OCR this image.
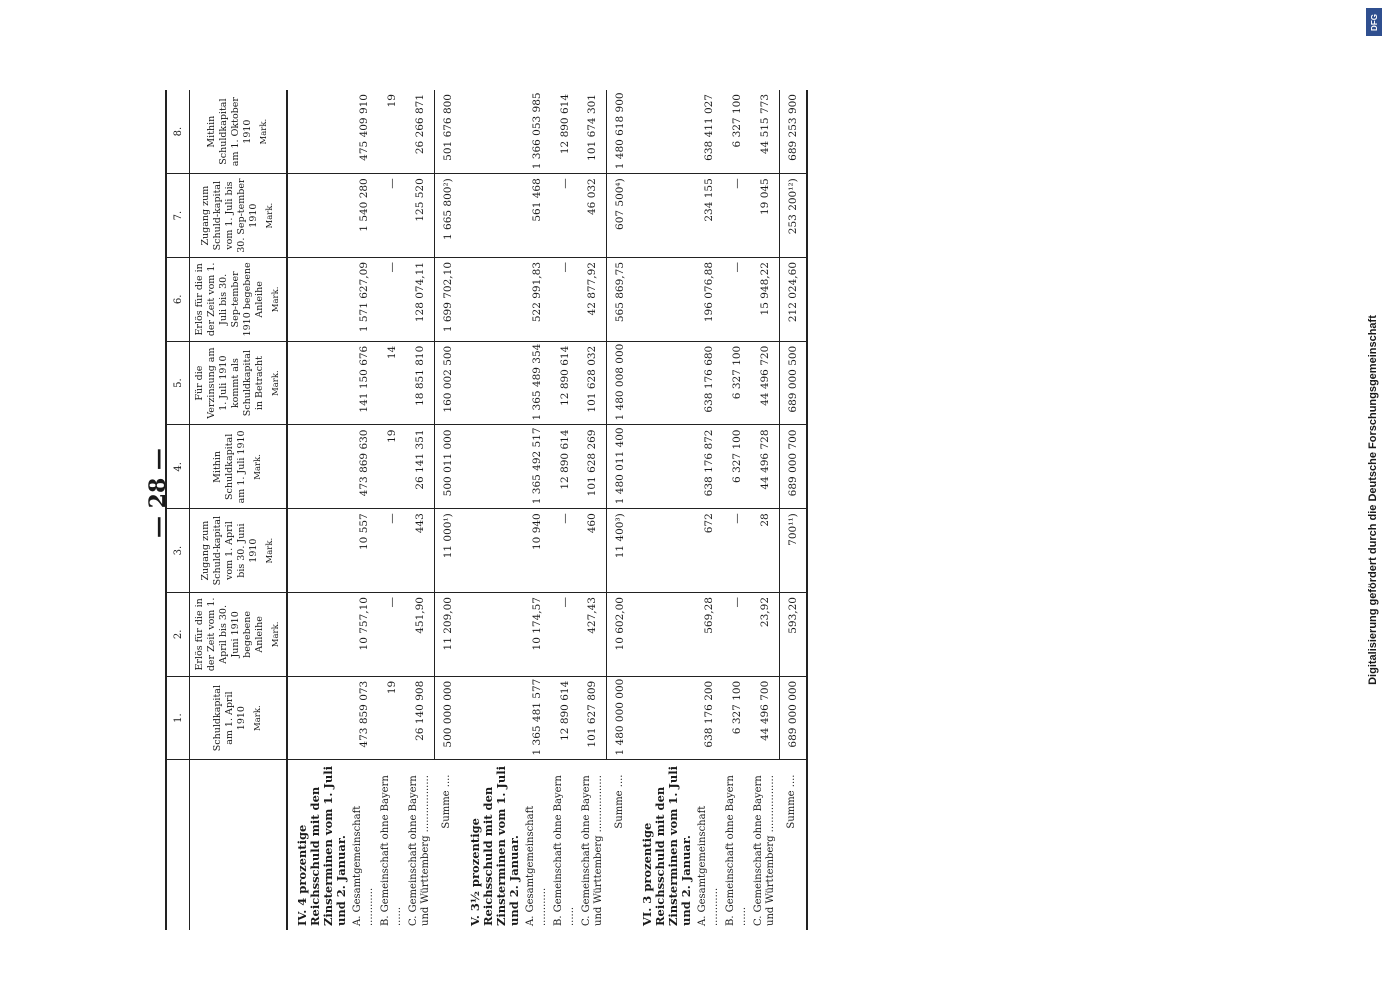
— 28 —
DFG
Digitalisierung gefördert durch die Deutsche Forschungsgemeinschaft
	1.	2.	3.	4.	5.	6.	7.	8.
	Schuldkapital am 1. April 1910 Mark.	Erlös für die in der Zeit vom 1. April bis 30. Juni 1910 begebene Anleihe Mark.	Zugang zum Schuld-kapital vom 1. April bis 30. Juni 1910 Mark.	Mithin Schuldkapital am 1. Juli 1910 Mark.	Für die Verzinsung am 1. Juli 1910 kommt als Schuldkapital in Betracht Mark.	Erlös für die in der Zeit vom 1. Juli bis 30. Sep-tember 1910 begebene Anleihe Mark.	Zugang zum Schuld-kapital vom 1. Juli bis 30. Sep-tember 1910 Mark.	Mithin Schuldkapital am 1. Oktober 1910 Mark.

IV. 4 prozentige Reichsschuld mit den Zinsterminen vom 1. Juli und 2. Januar.								
A. Gesamtgemeinschaft ............	473 859 073	10 757,10	10 557	473 869 630	141 150 676	1 571 627,09	1 540 280	475 409 910
B. Gemeinschaft ohne Bayern ......	19	—	—	19	14	—	—	19
C. Gemeinschaft ohne Bayern und Württemberg ..................	26 140 908	451,90	443	26 141 351	18 851 810	128 074,11	125 520	26 266 871
Summe ....	500 000 000	11 209,00	11 000¹)	500 011 000	160 002 500	1 699 702,10	1 665 800²)	501 676 800
V. 3½ prozentige Reichsschuld mit den Zinsterminen vom 1. Juli und 2. Januar.								
A. Gesamtgemeinschaft ............	1 365 481 577	10 174,57	10 940	1 365 492 517	1 365 489 354	522 991,83	561 468	1 366 053 985
B. Gemeinschaft ohne Bayern ......	12 890 614	—	—	12 890 614	12 890 614	—	—	12 890 614
C. Gemeinschaft ohne Bayern und Württemberg ..................	101 627 809	427,43	460	101 628 269	101 628 032	42 877,92	46 032	101 674 301
Summe ....	1 480 000 000	10 602,00	11 400³)	1 480 011 400	1 480 008 000	565 869,75	607 500⁴)	1 480 618 900
VI. 3 prozentige Reichsschuld mit den Zinsterminen vom 1. Juli und 2. Januar.								
A. Gesamtgemeinschaft ............	638 176 200	569,28	672	638 176 872	638 176 680	196 076,88	234 155	638 411 027
B. Gemeinschaft ohne Bayern ......	6 327 100	—	—	6 327 100	6 327 100	—	—	6 327 100
C. Gemeinschaft ohne Bayern und Württemberg ..................	44 496 700	23,92	28	44 496 728	44 496 720	15 948,22	19 045	44 515 773
Summe ....	689 000 000	593,20	700¹¹)	689 000 700	689 000 500	212 024,60	253 200¹²)	689 253 900
